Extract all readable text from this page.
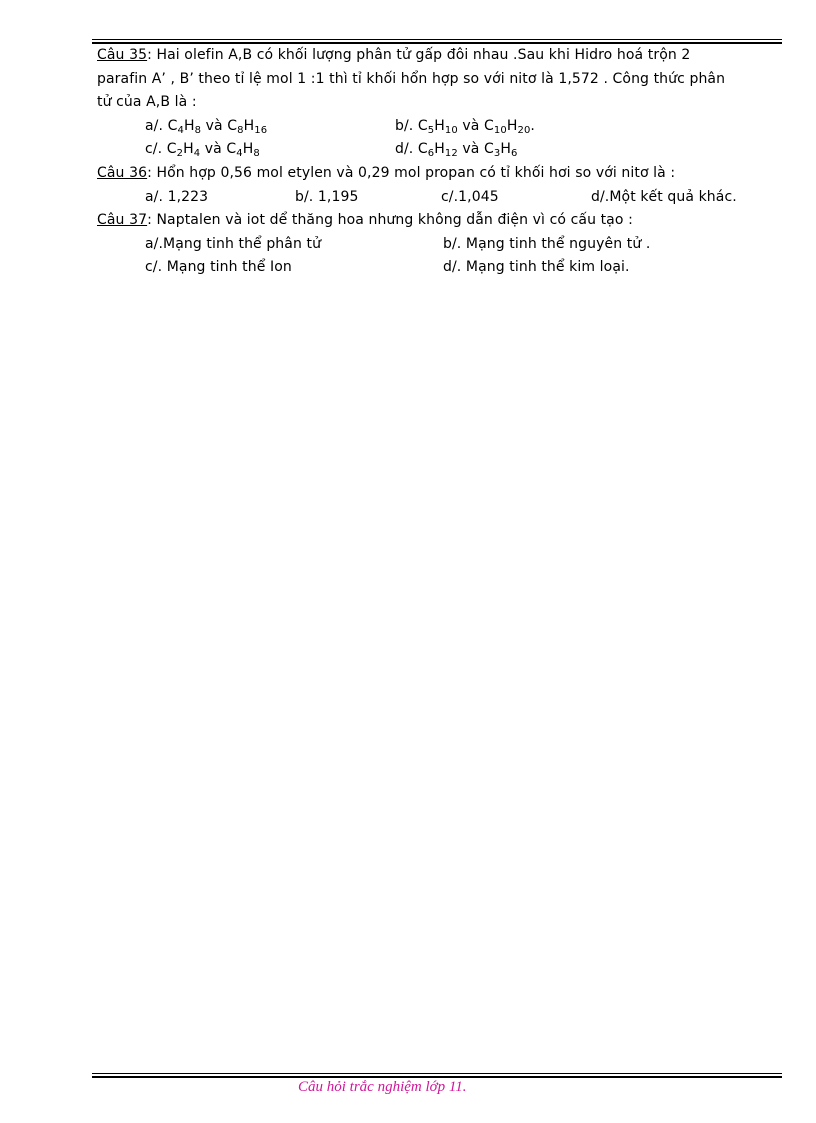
Câu 35: Hai olefin A,B có khối lượng phân tử gấp đôi nhau .Sau khi Hidro hoá trộn 2

parafin A’ , B’ theo tỉ lệ mol 1 :1 thì tỉ khối hổn hợp so với nitơ là 1,572 . Công thức phân

tử của A,B là :

a/. $C_4H_8$ và $C_8H_{16}$	b/. $C_5H_{10}$ và $C_{10}H_{20}$.
c/. $C_2H_4$ và $C_4H_8$	d/. $C_6H_{12}$ và $C_3H_6$

Câu 36: Hổn hợp 0,56 mol etylen và 0,29 mol propan có tỉ khối hơi so với nitơ là :

a/. 1,223	b/. 1,195	c/.1,045	d/.Một kết quả khác.

Câu 37: Naptalen và iot dể thăng hoa nhưng không dẫn điện vì có cấu tạo :

a/.Mạng tinh thể phân tử	b/. Mạng tinh thể nguyên tử .
c/. Mạng tinh thể Ion	d/. Mạng tinh thể kim loại.
Câu hỏi trắc nghiệm lớp 11.
